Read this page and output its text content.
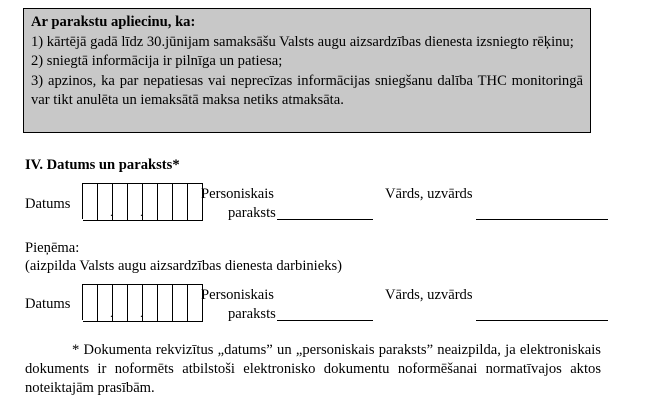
Ar parakstu apliecinu, ka:

1) kārtējā gadā līdz 30.jūnijam samaksāšu Valsts augu aizsardzības dienesta izsniegto rēķinu;

2) sniegtā informācija ir pilnīga un patiesa;

3) apzinos, ka par nepatiesas vai neprecīzas informācijas sniegšanu dalība THC monitoringā var tikt anulēta un iemaksātā maksa netiks atmaksāta.

IV. Datums un paraksts*
Datums	. .
Personiskais
paraksts
Vārds, uzvārds
Pieņēma:
(aizpilda Valsts augu aizsardzības dienesta darbinieks)
Datums
. .
Personiskais
paraksts
Vārds, uzvārds
* Dokumenta rekvizītus „datums” un „personiskais paraksts” neaizpilda, ja elektroniskais dokuments ir noformēts atbilstoši elektronisko dokumentu noformēšanai normatīvajos aktos noteiktajām prasībām.
